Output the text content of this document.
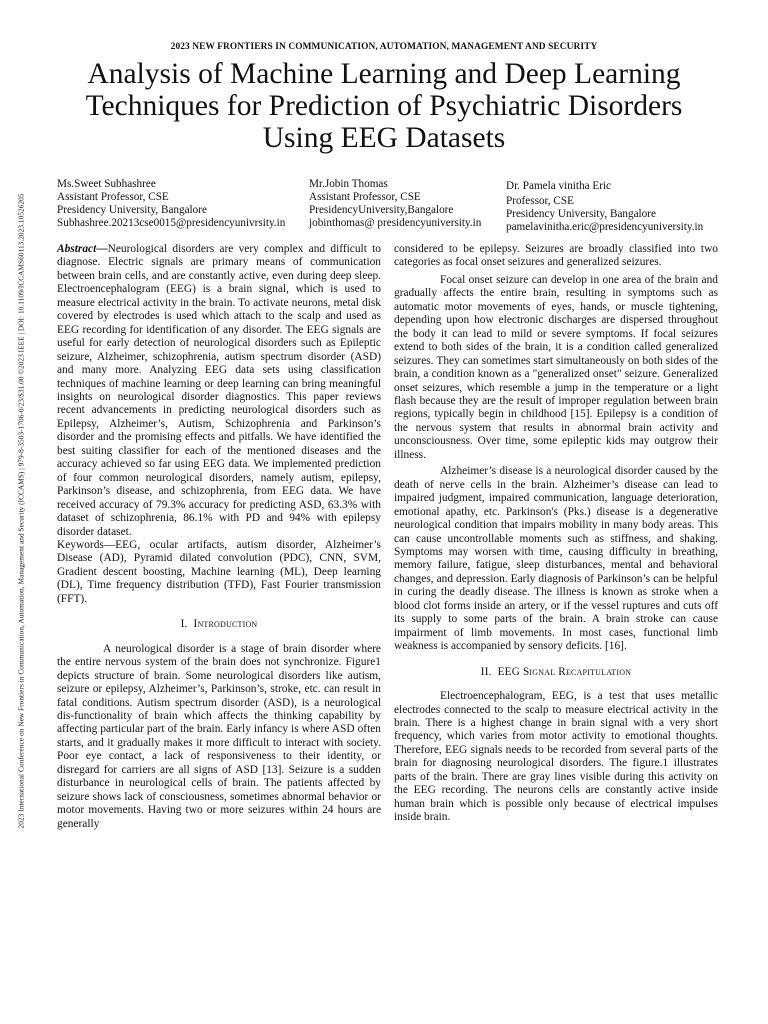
2023 International Conference on New Frontiers in Communication, Automation, Management and Security (ICCAMS) | 979-8-3503-1706-0/23/$31.00 ©2023 IEEE | DOI: 10.1109/ICCAMS60113.2023.10526205
2023 NEW FRONTIERS IN COMMUNICATION, AUTOMATION, MANAGEMENT AND SECURITY
Analysis of Machine Learning and Deep Learning Techniques for Prediction of Psychiatric Disorders Using EEG Datasets
Ms.Sweet Subhashree
Assistant Professor, CSE
Presidency University, Bangalore
Subhashree.20213cse0015@presidencyunivrsity.in
Mr.Jobin Thomas
Assistant Professor, CSE
PresidencyUniversity,Bangalore
jobinthomas@ presidencyuniversity.in
Dr. Pamela vinitha Eric
Professor, CSE
Presidency University, Bangalore
pamelavinitha.eric@presidencyuniversity.in

Abstract—Neurological disorders are very complex and difficult to diagnose. Electric signals are primary means of communication between brain cells, and are constantly active, even during deep sleep. Electroencephalogram (EEG) is a brain signal, which is used to measure electrical activity in the brain. To activate neurons, metal disk covered by electrodes is used which attach to the scalp and used as EEG recording for identification of any disorder. The EEG signals are useful for early detection of neurological disorders such as Epileptic seizure, Alzheimer, schizophrenia, autism spectrum disorder (ASD) and many more. Analyzing EEG data sets using classification techniques of machine learning or deep learning can bring meaningful insights on neurological disorder diagnostics. This paper reviews recent advancements in predicting neurological disorders such as Epilepsy, Alzheimer’s, Autism, Schizophrenia and Parkinson’s disorder and the promising effects and pitfalls. We have identified the best suiting classifier for each of the mentioned diseases and the accuracy achieved so far using EEG data. We implemented prediction of four common neurological disorders, namely autism, epilepsy, Parkinson’s disease, and schizophrenia, from EEG data. We have received accuracy of 79.3% accuracy for predicting ASD, 63.3% with dataset of schizophrenia, 86.1% with PD and 94% with epilepsy disorder dataset.

Keywords—EEG, ocular artifacts, autism disorder, Alzheimer’s Disease (AD), Pyramid dilated convolution (PDC), CNN, SVM, Gradient descent boosting, Machine learning (ML), Deep learning (DL), Time frequency distribution (TFD), Fast Fourier transmission (FFT).

I. Introduction

A neurological disorder is a stage of brain disorder where the entire nervous system of the brain does not synchronize. Figure1 depicts structure of brain. Some neurological disorders like autism, seizure or epilepsy, Alzheimer’s, Parkinson’s, stroke, etc. can result in fatal conditions. Autism spectrum disorder (ASD), is a neurological dis-functionality of brain which affects the thinking capability by affecting particular part of the brain. Early infancy is where ASD often starts, and it gradually makes it more difficult to interact with society. Poor eye contact, a lack of responsiveness to their identity, or disregard for carriers are all signs of ASD [13]. Seizure is a sudden disturbance in neurological cells of brain. The patients affected by seizure shows lack of consciousness, sometimes abnormal behavior or motor movements. Having two or more seizures within 24 hours are generally

considered to be epilepsy. Seizures are broadly classified into two categories as focal onset seizures and generalized seizures.

Focal onset seizure can develop in one area of the brain and gradually affects the entire brain, resulting in symptoms such as automatic motor movements of eyes, hands, or muscle tightening, depending upon how electronic discharges are dispersed throughout the body it can lead to mild or severe symptoms. If focal seizures extend to both sides of the brain, it is a condition called generalized seizures. They can sometimes start simultaneously on both sides of the brain, a condition known as a "generalized onset" seizure. Generalized onset seizures, which resemble a jump in the temperature or a light flash because they are the result of improper regulation between brain regions, typically begin in childhood [15]. Epilepsy is a condition of the nervous system that results in abnormal brain activity and unconsciousness. Over time, some epileptic kids may outgrow their illness.

Alzheimer’s disease is a neurological disorder caused by the death of nerve cells in the brain. Alzheimer’s disease can lead to impaired judgment, impaired communication, language deterioration, emotional apathy, etc. Parkinson's (Pks.) disease is a degenerative neurological condition that impairs mobility in many body areas. This can cause uncontrollable moments such as stiffness, and shaking. Symptoms may worsen with time, causing difficulty in breathing, memory failure, fatigue, sleep disturbances, mental and behavioral changes, and depression. Early diagnosis of Parkinson’s can be helpful in curing the deadly disease. The illness is known as stroke when a blood clot forms inside an artery, or if the vessel ruptures and cuts off its supply to some parts of the brain. A brain stroke can cause impairment of limb movements. In most cases, functional limb weakness is accompanied by sensory deficits. [16].

II. EEG Signal Recapitulation

Electroencephalogram, EEG, is a test that uses metallic electrodes connected to the scalp to measure electrical activity in the brain. There is a highest change in brain signal with a very short frequency, which varies from motor activity to emotional thoughts. Therefore, EEG signals needs to be recorded from several parts of the brain for diagnosing neurological disorders. The figure.1 illustrates parts of the brain. There are gray lines visible during this activity on the EEG recording. The neurons cells are constantly active inside human brain which is possible only because of electrical impulses inside brain.
